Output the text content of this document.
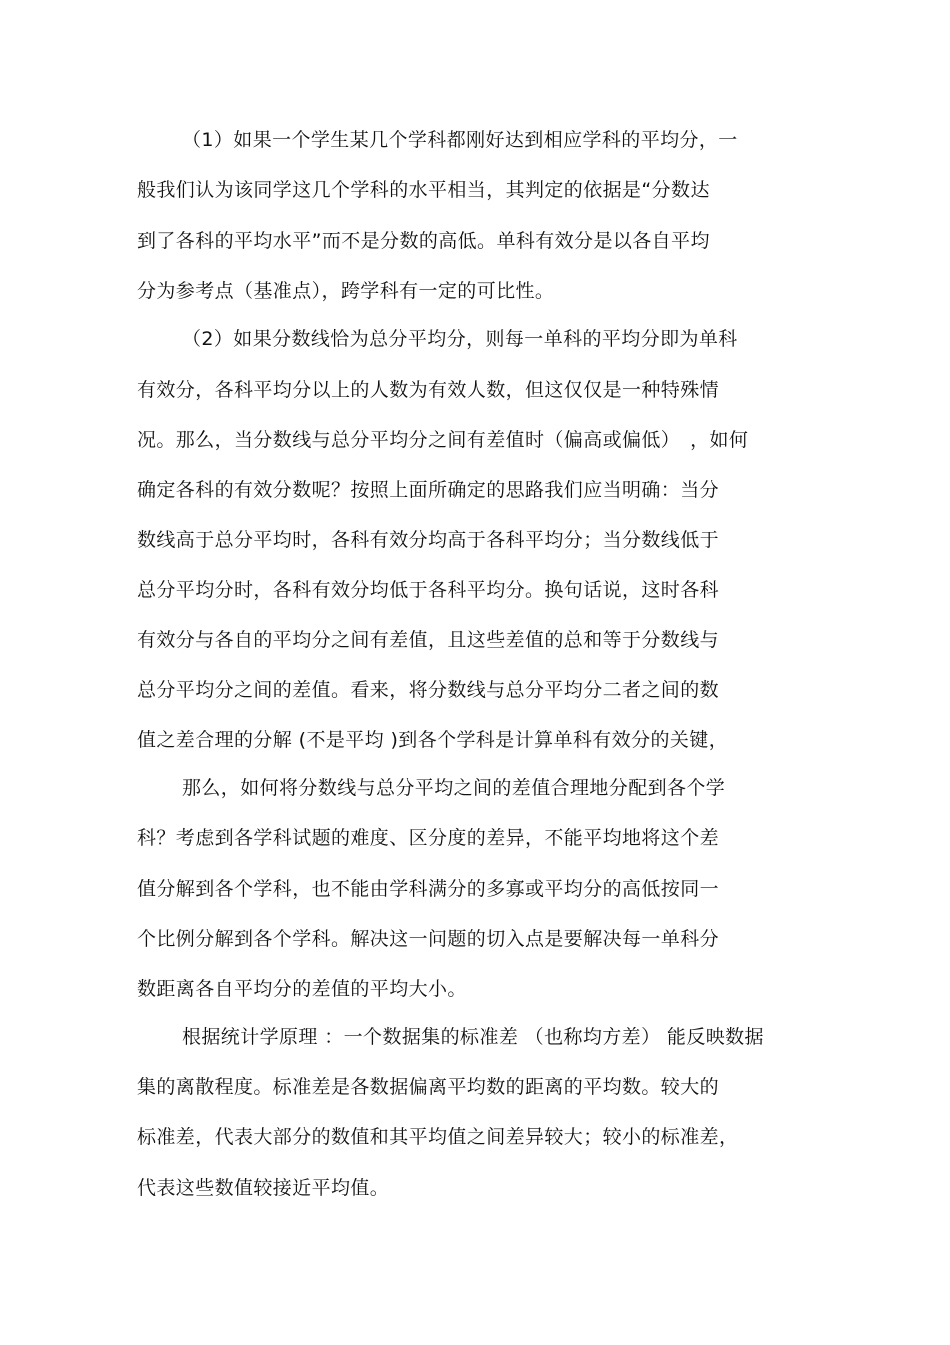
（1）如果一个学生某几个学科都刚好达到相应学科的平均分，一
般我们认为该同学这几个学科的水平相当，其判定的依据是“分数达
到了各科的平均水平”而不是分数的高低。单科有效分是以各自平均
分为参考点（基准点），跨学科有一定的可比性。
（2）如果分数线恰为总分平均分，则每一单科的平均分即为单科
有效分，各科平均分以上的人数为有效人数，但这仅仅是一种特殊情
况。那么，当分数线与总分平均分之间有差值时（偏高或偏低）　，如何
确定各科的有效分数呢？按照上面所确定的思路我们应当明确：当分
数线高于总分平均时，各科有效分均高于各科平均分；当分数线低于
总分平均分时，各科有效分均低于各科平均分。换句话说，这时各科
有效分与各自的平均分之间有差值，且这些差值的总和等于分数线与
总分平均分之间的差值。看来，将分数线与总分平均分二者之间的数
值之差合理的分解 (不是平均 )到各个学科是计算单科有效分的关键，
那么，如何将分数线与总分平均之间的差值合理地分配到各个学
科？考虑到各学科试题的难度、区分度的差异，不能平均地将这个差
值分解到各个学科，也不能由学科满分的多寡或平均分的高低按同一
个比例分解到各个学科。解决这一问题的切入点是要解决每一单科分
数距离各自平均分的差值的平均大小。
根据统计学原理 ：一个数据集的标准差 （也称均方差） 能反映数据
集的离散程度。标准差是各数据偏离平均数的距离的平均数。较大的
标准差，代表大部分的数值和其平均值之间差异较大；较小的标准差，
代表这些数值较接近平均值。
